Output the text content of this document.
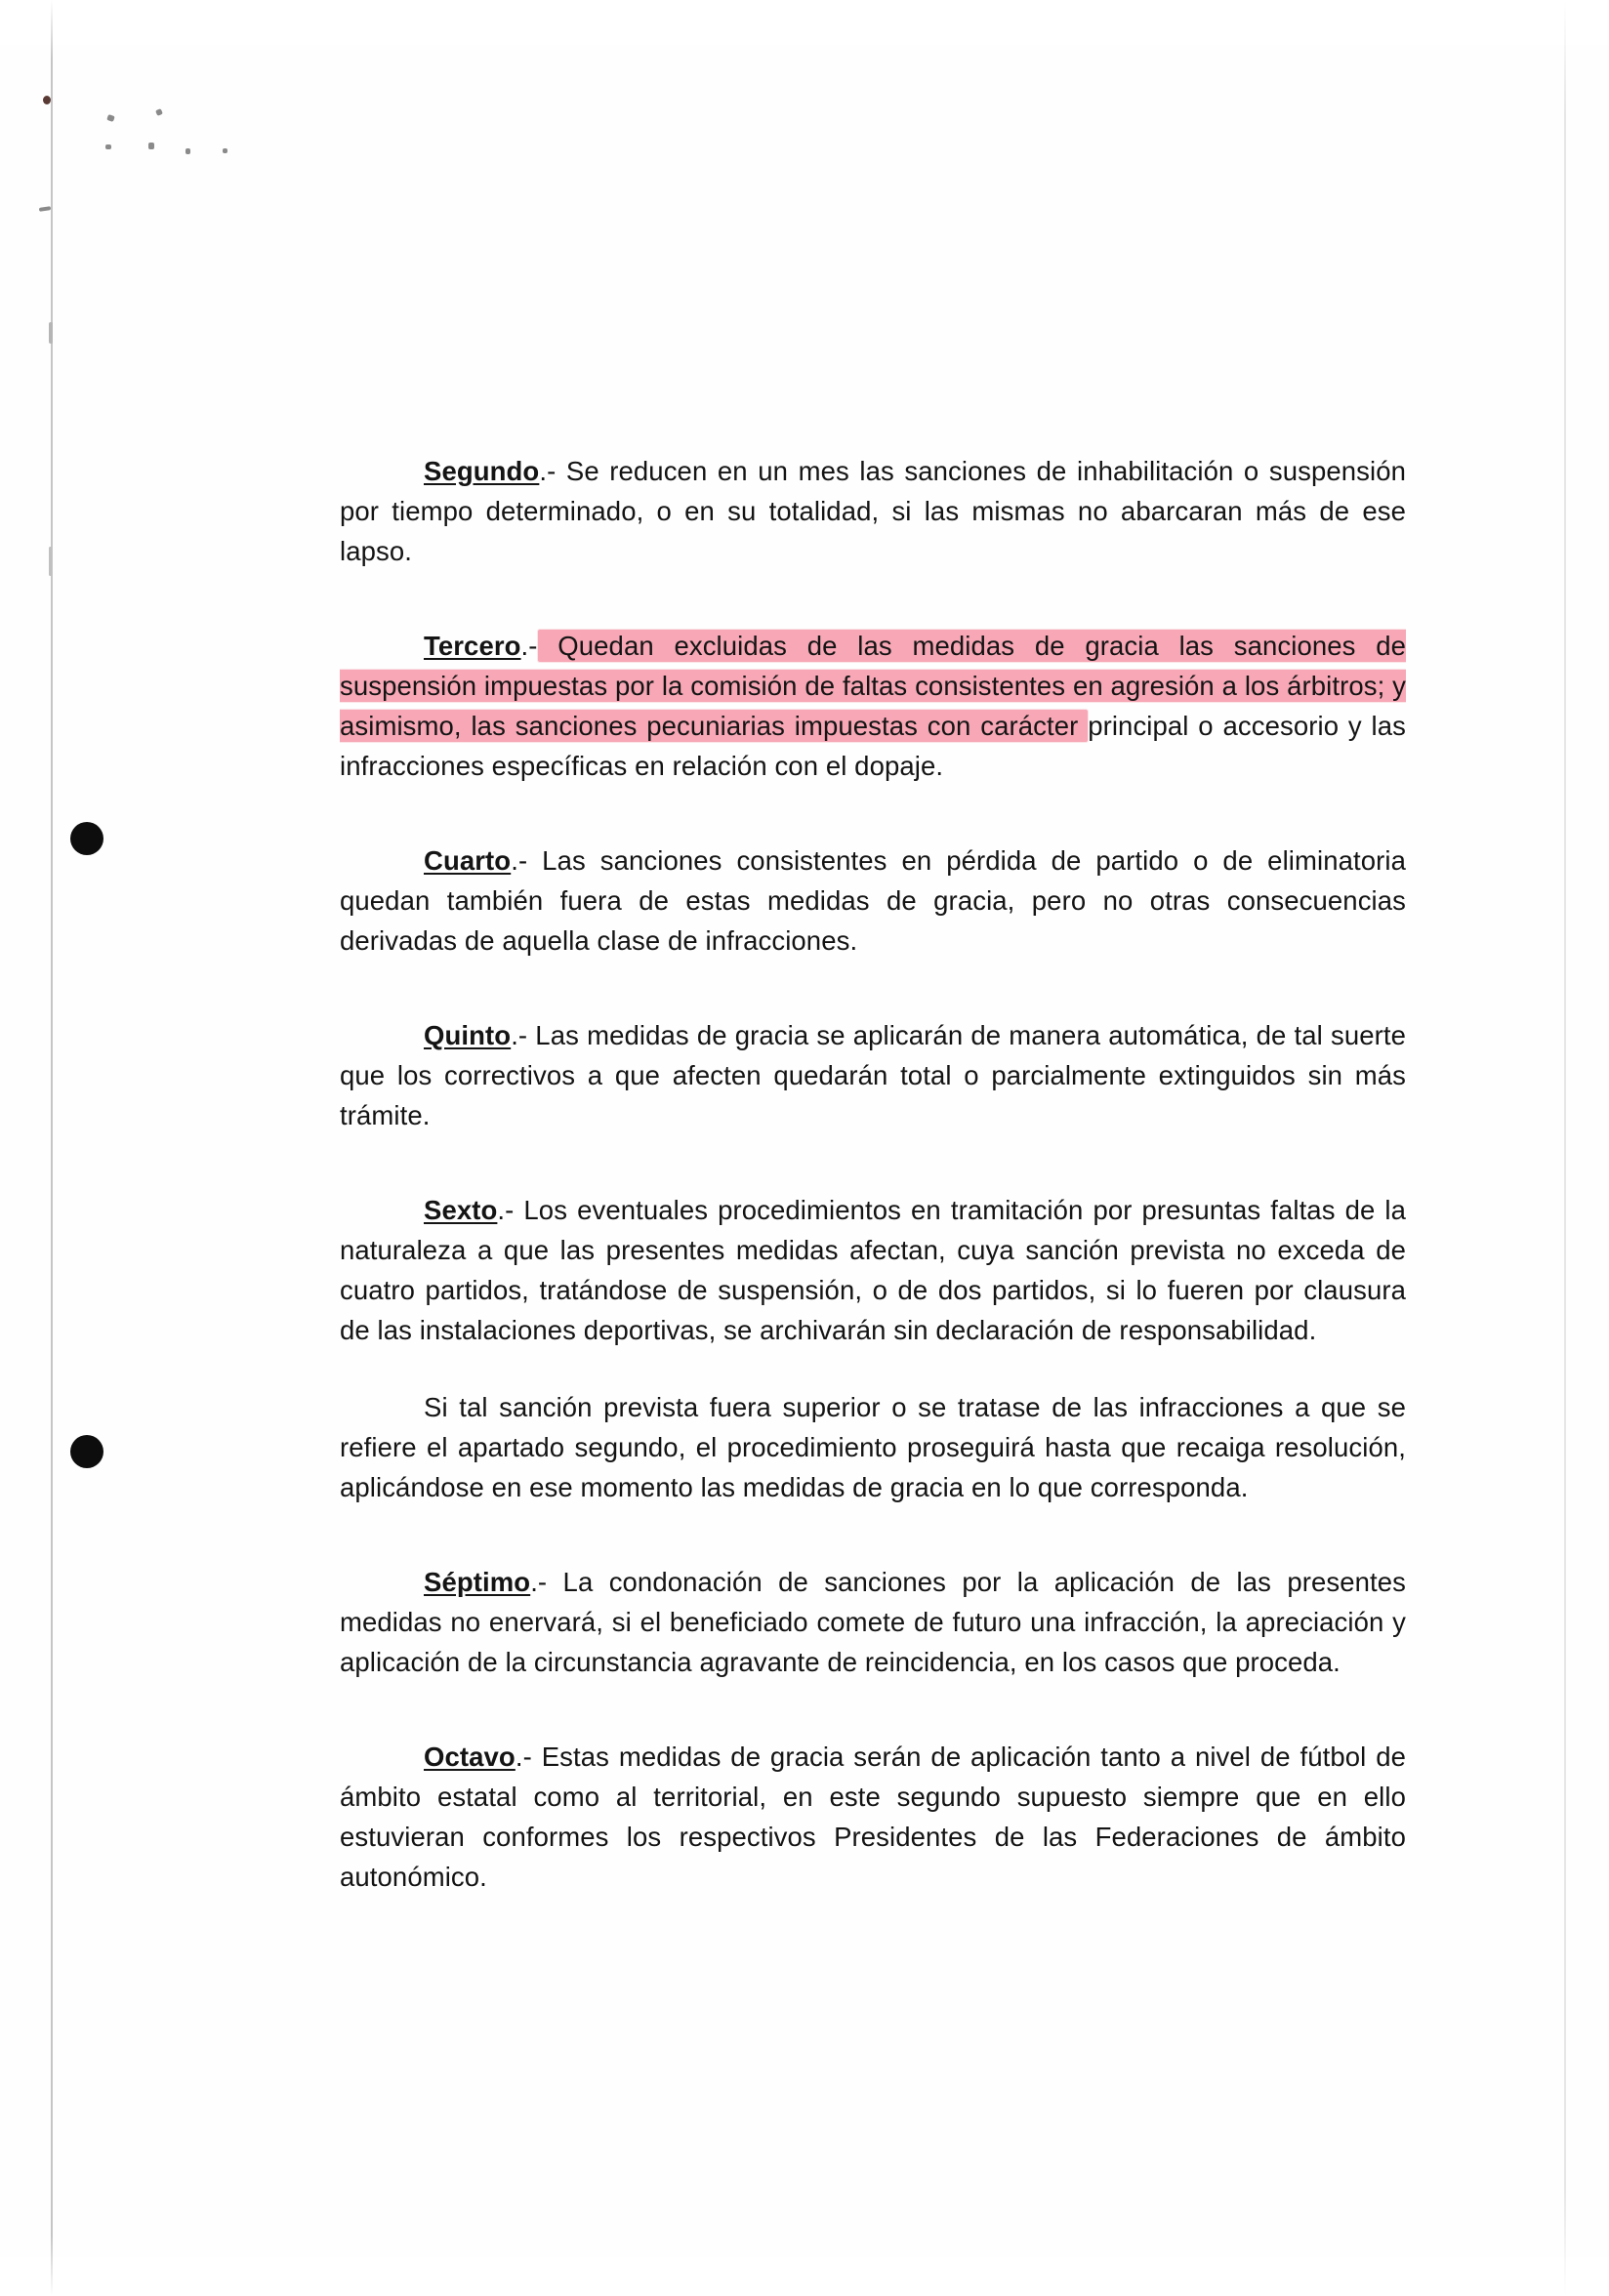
Segundo.- Se reducen en un mes las sanciones de inhabilitación o suspensión por tiempo determinado, o en su totalidad, si las mismas no abarcaran más de ese lapso.

Tercero.- Quedan excluidas de las medidas de gracia las sanciones de suspensión impuestas por la comisión de faltas consistentes en agresión a los árbitros; y asimismo, las sanciones pecuniarias impuestas con carácter principal o accesorio y las infracciones específicas en relación con el dopaje.

Cuarto.- Las sanciones consistentes en pérdida de partido o de eliminatoria quedan también fuera de estas medidas de gracia, pero no otras consecuencias derivadas de aquella clase de infracciones.

Quinto.- Las medidas de gracia se aplicarán de manera automática, de tal suerte que los correctivos a que afecten quedarán total o parcialmente extinguidos sin más trámite.

Sexto.- Los eventuales procedimientos en tramitación por presuntas faltas de la naturaleza a que las presentes medidas afectan, cuya sanción prevista no exceda de cuatro partidos, tratándose de suspensión, o de dos partidos, si lo fueren por clausura de las instalaciones deportivas, se archivarán sin declaración de responsabilidad.

Si tal sanción prevista fuera superior o se tratase de las infracciones a que se refiere el apartado segundo, el procedimiento proseguirá hasta que recaiga resolución, aplicándose en ese momento las medidas de gracia en lo que corresponda.

Séptimo.- La condonación de sanciones por la aplicación de las presentes medidas no enervará, si el beneficiado comete de futuro una infracción, la apreciación y aplicación de la circunstancia agravante de reincidencia, en los casos que proceda.

Octavo.- Estas medidas de gracia serán de aplicación tanto a nivel de fútbol de ámbito estatal como al territorial, en este segundo supuesto siempre que en ello estuvieran conformes los respectivos Presidentes de las Federaciones de ámbito autonómico.
